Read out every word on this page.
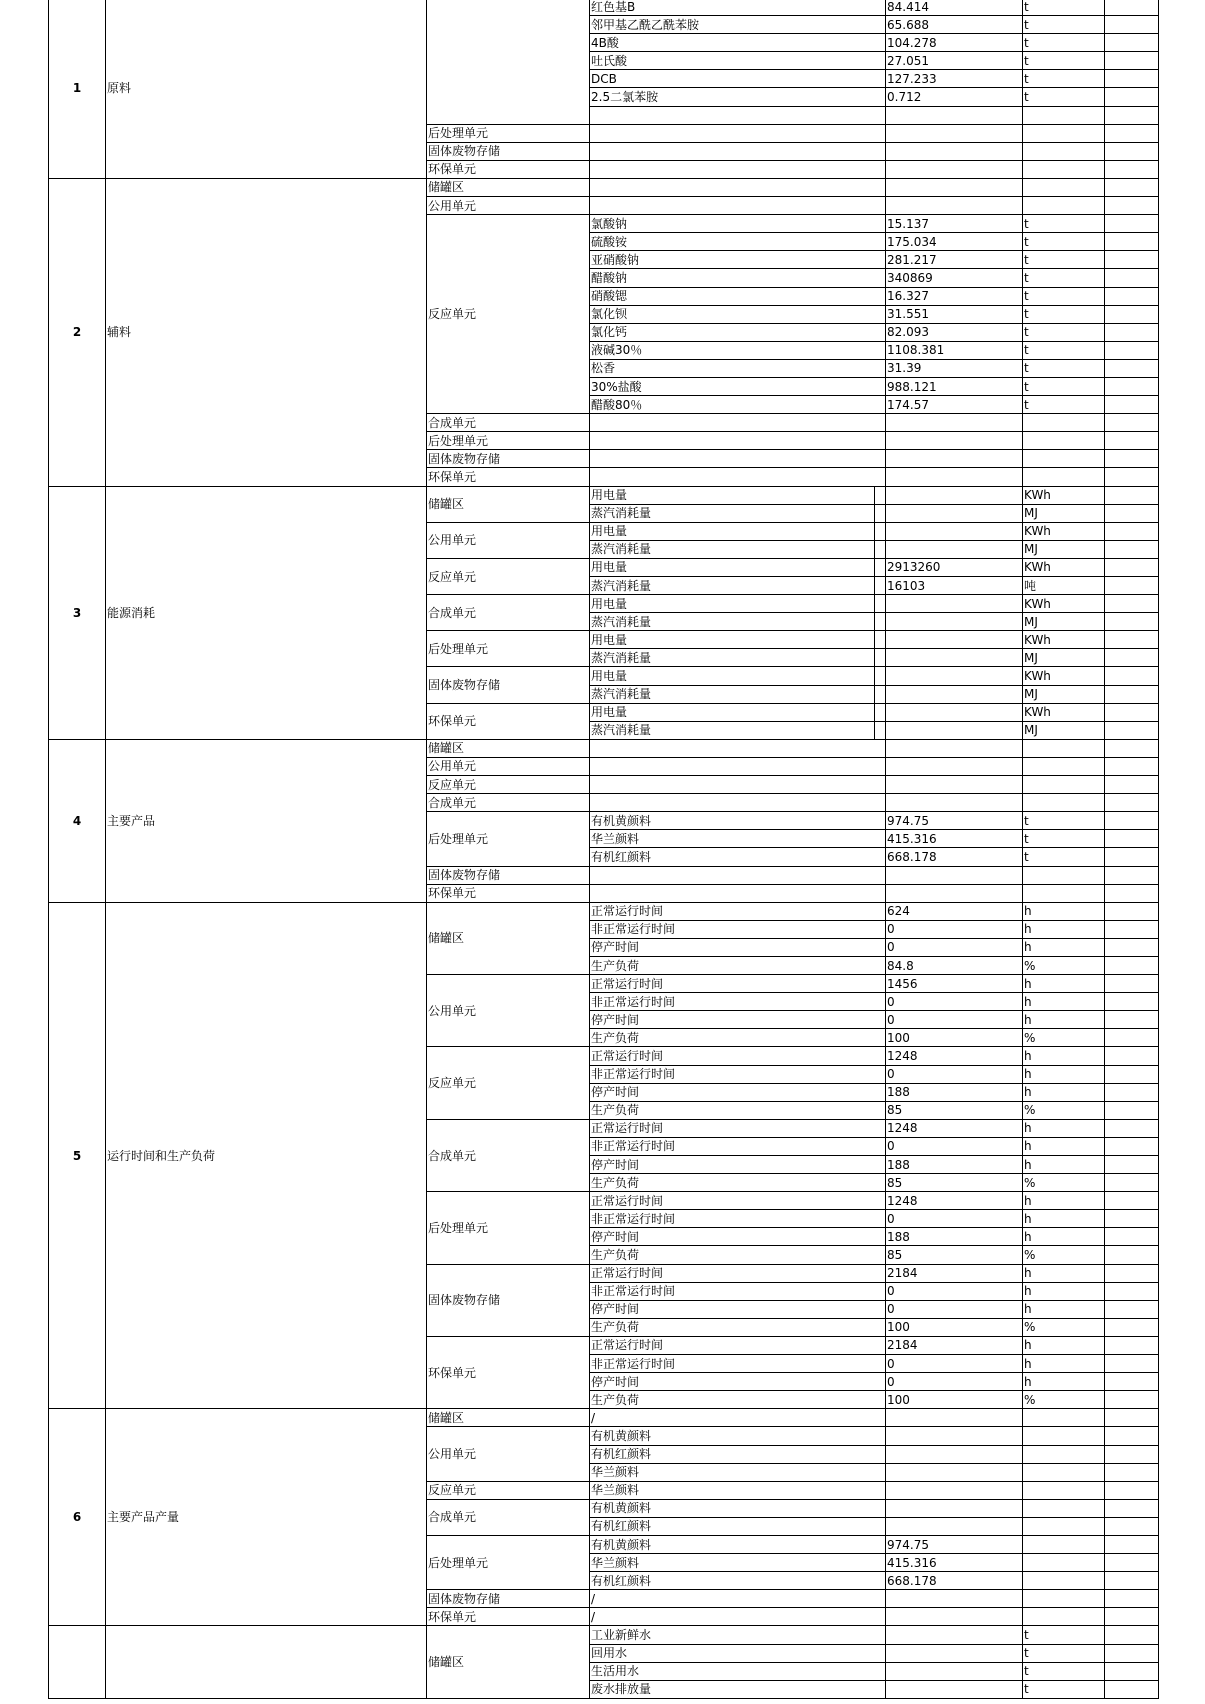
1	原料		红色基B	84.414	t	
			邻甲基乙酰乙酰苯胺	65.688	t	
			4B酸	104.278	t	
			吐氏酸	27.051	t	
			DCB	127.233	t	
			2.5二氯苯胺	0.712	t	

		后处理单元				
		固体废物存储				
		环保单元				
2	辅料	储罐区				
		公用单元				
		反应单元	氯酸钠	15.137	t	
			硫酸铵	175.034	t	
			亚硝酸钠	281.217	t	
			醋酸钠	340869	t	
			硝酸锶	16.327	t	
			氯化钡	31.551	t	
			氯化钙	82.093	t	
			液碱30％	1108.381	t	
			松香	31.39	t	
			30%盐酸	988.121	t	
			醋酸80％	174.57	t	
		合成单元				
		后处理单元				
		固体废物存储				
		环保单元				
3	能源消耗	储罐区	用电量		KWh	
			蒸汽消耗量		MJ	
		公用单元	用电量		KWh	
			蒸汽消耗量		MJ	
		反应单元	用电量	2913260	KWh	
			蒸汽消耗量	16103	吨	
		合成单元	用电量		KWh	
			蒸汽消耗量		MJ	
		后处理单元	用电量		KWh	
			蒸汽消耗量		MJ	
		固体废物存储	用电量		KWh	
			蒸汽消耗量		MJ	
		环保单元	用电量		KWh	
			蒸汽消耗量		MJ	
4	主要产品	储罐区				
		公用单元				
		反应单元				
		合成单元				
		后处理单元	有机黄颜料	974.75	t	
			华兰颜料	415.316	t	
			有机红颜料	668.178	t	
		固体废物存储				
		环保单元				
5	运行时间和生产负荷	储罐区	正常运行时间	624	h	
			非正常运行时间	0	h	
			停产时间	0	h	
			生产负荷	84.8	%	
		公用单元	正常运行时间	1456	h	
			非正常运行时间	0	h	
			停产时间	0	h	
			生产负荷	100	%	
		反应单元	正常运行时间	1248	h	
			非正常运行时间	0	h	
			停产时间	188	h	
			生产负荷	85	%	
		合成单元	正常运行时间	1248	h	
			非正常运行时间	0	h	
			停产时间	188	h	
			生产负荷	85	%	
		后处理单元	正常运行时间	1248	h	
			非正常运行时间	0	h	
			停产时间	188	h	
			生产负荷	85	%	
		固体废物存储	正常运行时间	2184	h	
			非正常运行时间	0	h	
			停产时间	0	h	
			生产负荷	100	%	
		环保单元	正常运行时间	2184	h	
			非正常运行时间	0	h	
			停产时间	0	h	
			生产负荷	100	%	
6	主要产品产量	储罐区	/			
		公用单元	有机黄颜料			
			有机红颜料			
			华兰颜料			
		反应单元	华兰颜料			
		合成单元	有机黄颜料			
			有机红颜料			
		后处理单元	有机黄颜料	974.75		
			华兰颜料	415.316		
			有机红颜料	668.178		
		固体废物存储	/			
		环保单元	/			
		储罐区	工业新鲜水		t	
			回用水		t	
			生活用水		t	
			废水排放量		t	
